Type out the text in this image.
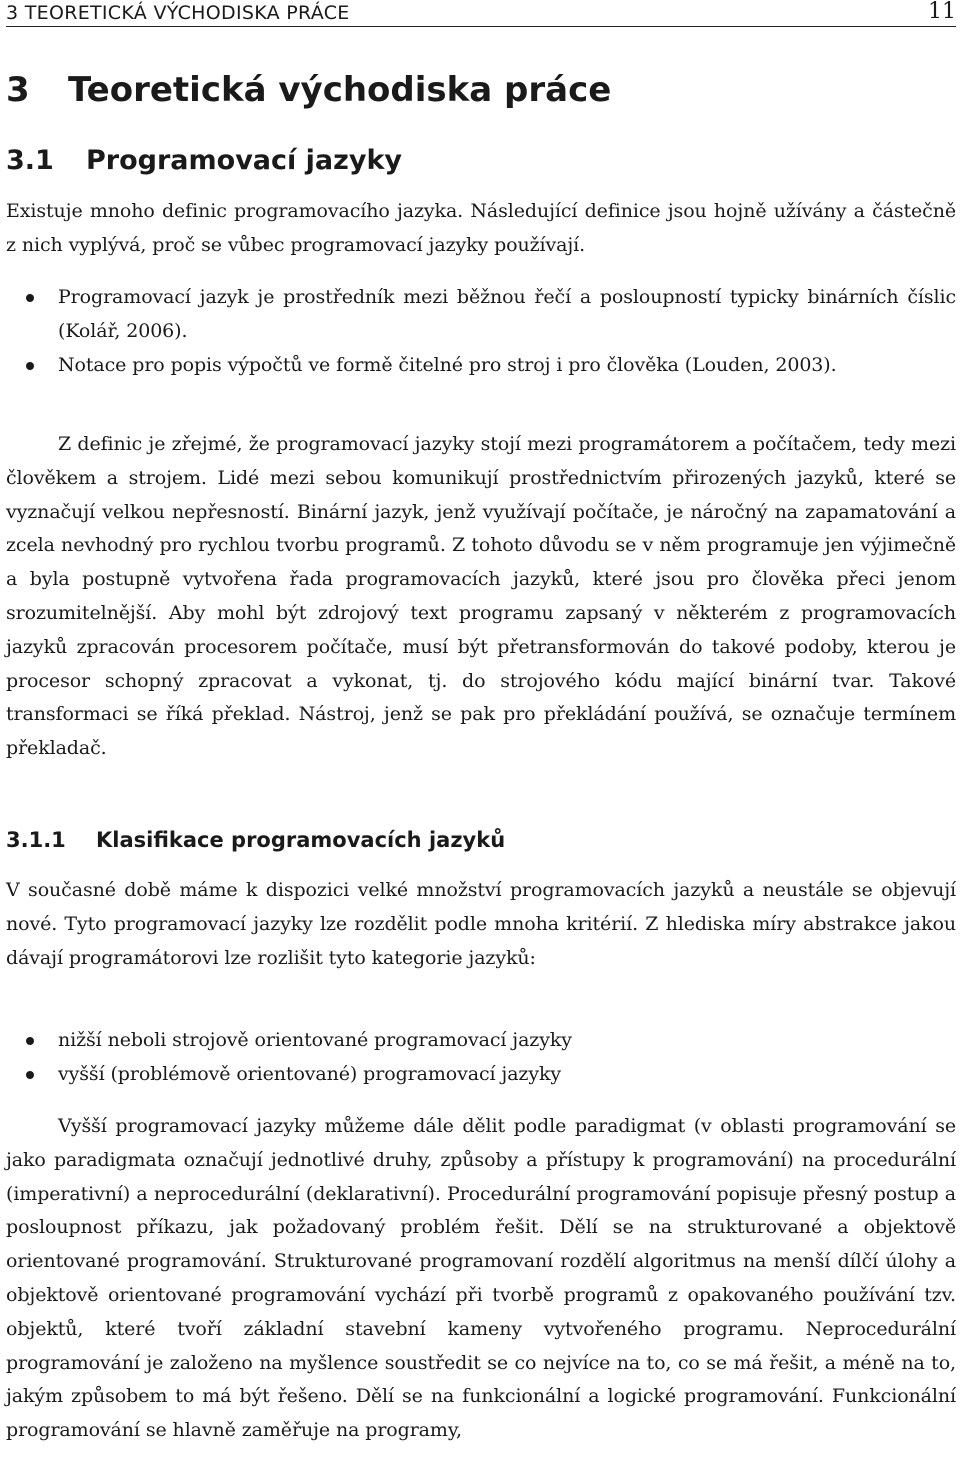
3 TEORETICKÁ VÝCHODISKA PRÁCE	11
3 Teoretická východiska práce
3.1 Programovací jazyky

Existuje mnoho definic programovacího jazyka. Následující definice jsou hojně užívány a částečně z nich vyplývá, proč se vůbec programovací jazyky používají.

Programovací jazyk je prostředník mezi běžnou řečí a posloupností typicky binárních číslic (Kolář, 2006).
Notace pro popis výpočtů ve formě čitelné pro stroj i pro člověka (Louden, 2003).

Z definic je zřejmé, že programovací jazyky stojí mezi programátorem a počítačem, tedy mezi člověkem a strojem. Lidé mezi sebou komunikují prostřednictvím přirozených jazyků, které se vyznačují velkou nepřesností. Binární jazyk, jenž využívají počítače, je náročný na zapamatování a zcela nevhodný pro rychlou tvorbu programů. Z tohoto důvodu se v něm programuje jen výjimečně a byla postupně vytvořena řada programovacích jazyků, které jsou pro člověka přeci jenom srozumitelnější. Aby mohl být zdrojový text programu zapsaný v některém z programovacích jazyků zpracován procesorem počítače, musí být přetransformován do takové podoby, kterou je procesor schopný zpracovat a vykonat, tj. do strojového kódu mající binární tvar. Takové transformaci se říká překlad. Nástroj, jenž se pak pro překládání používá, se označuje termínem překladač.

3.1.1 Klasifikace programovacích jazyků

V současné době máme k dispozici velké množství programovacích jazyků a neustále se objevují nové. Tyto programovací jazyky lze rozdělit podle mnoha kritérií. Z hlediska míry abstrakce jakou dávají programátorovi lze rozlišit tyto kategorie jazyků:

nižší neboli strojově orientované programovací jazyky
vyšší (problémově orientované) programovací jazyky

Vyšší programovací jazyky můžeme dále dělit podle paradigmat (v oblasti programování se jako paradigmata označují jednotlivé druhy, způsoby a přístupy k programování) na procedurální (imperativní) a neprocedurální (deklarativní). Procedurální programování popisuje přesný postup a posloupnost příkazu, jak požadovaný problém řešit. Dělí se na strukturované a objektově orientované programování. Strukturované programovaní rozdělí algoritmus na menší dílčí úlohy a objektově orientované programování vychází při tvorbě programů z opakovaného používání tzv. objektů, které tvoří základní stavební kameny vytvořeného programu. Neprocedurální programování je založeno na myšlence soustředit se co nejvíce na to, co se má řešit, a méně na to, jakým způsobem to má být řešeno. Dělí se na funkcionální a logické programování. Funkcionální programování se hlavně zaměřuje na programy,
